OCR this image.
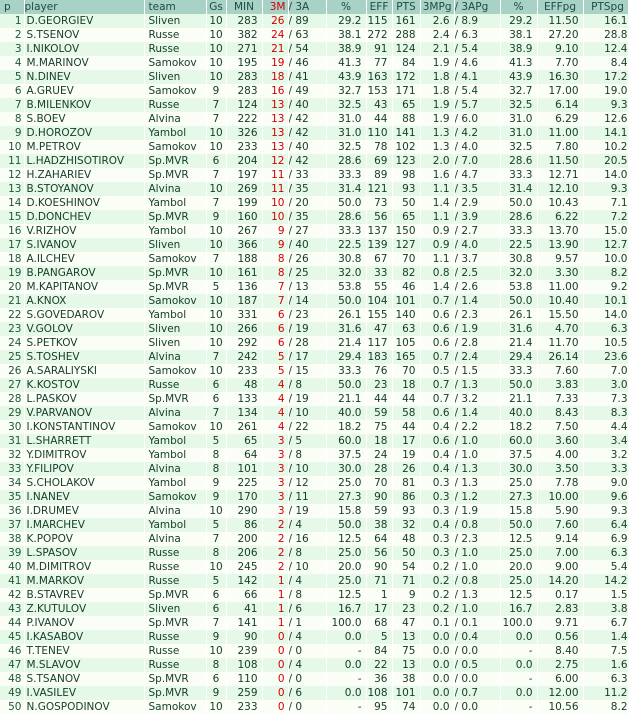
p	player	team	Gs	MIN	3M	/ 3A	%	EFF	PTS	3MPg	/ 3APg	%	EFFpg	PTSpg
1	D.GEORGIEV	Sliven	10	283	26	/ 89	29.2	115	161	2.6	/ 8.9	29.2	11.50	16.1
2	S.TSENOV	Russe	10	382	24	/ 63	38.1	272	288	2.4	/ 6.3	38.1	27.20	28.8
3	I.NIKOLOV	Russe	10	271	21	/ 54	38.9	91	124	2.1	/ 5.4	38.9	9.10	12.4
4	M.MARINOV	Samokov	10	195	19	/ 46	41.3	77	84	1.9	/ 4.6	41.3	7.70	8.4
5	N.DINEV	Sliven	10	283	18	/ 41	43.9	163	172	1.8	/ 4.1	43.9	16.30	17.2
6	A.GRUEV	Samokov	9	283	16	/ 49	32.7	153	171	1.8	/ 5.4	32.7	17.00	19.0
7	B.MILENKOV	Russe	7	124	13	/ 40	32.5	43	65	1.9	/ 5.7	32.5	6.14	9.3
8	S.BOEV	Alvina	7	222	13	/ 42	31.0	44	88	1.9	/ 6.0	31.0	6.29	12.6
9	D.HOROZOV	Yambol	10	326	13	/ 42	31.0	110	141	1.3	/ 4.2	31.0	11.00	14.1
10	M.PETROV	Samokov	10	233	13	/ 40	32.5	78	102	1.3	/ 4.0	32.5	7.80	10.2
11	L.HADZHISOTIROV	Sp.MVR	6	204	12	/ 42	28.6	69	123	2.0	/ 7.0	28.6	11.50	20.5
12	H.ZAHARIEV	Sp.MVR	7	197	11	/ 33	33.3	89	98	1.6	/ 4.7	33.3	12.71	14.0
13	B.STOYANOV	Alvina	10	269	11	/ 35	31.4	121	93	1.1	/ 3.5	31.4	12.10	9.3
14	D.KOESHINOV	Yambol	7	199	10	/ 20	50.0	73	50	1.4	/ 2.9	50.0	10.43	7.1
15	D.DONCHEV	Sp.MVR	9	160	10	/ 35	28.6	56	65	1.1	/ 3.9	28.6	6.22	7.2
16	V.RIZHOV	Yambol	10	267	9	/ 27	33.3	137	150	0.9	/ 2.7	33.3	13.70	15.0
17	S.IVANOV	Sliven	10	366	9	/ 40	22.5	139	127	0.9	/ 4.0	22.5	13.90	12.7
18	A.ILCHEV	Samokov	7	188	8	/ 26	30.8	67	70	1.1	/ 3.7	30.8	9.57	10.0
19	B.PANGAROV	Sp.MVR	10	161	8	/ 25	32.0	33	82	0.8	/ 2.5	32.0	3.30	8.2
20	M.KAPITANOV	Sp.MVR	5	136	7	/ 13	53.8	55	46	1.4	/ 2.6	53.8	11.00	9.2
21	A.KNOX	Samokov	10	187	7	/ 14	50.0	104	101	0.7	/ 1.4	50.0	10.40	10.1
22	S.GOVEDAROV	Yambol	10	331	6	/ 23	26.1	155	140	0.6	/ 2.3	26.1	15.50	14.0
23	V.GOLOV	Sliven	10	266	6	/ 19	31.6	47	63	0.6	/ 1.9	31.6	4.70	6.3
24	S.PETKOV	Sliven	10	292	6	/ 28	21.4	117	105	0.6	/ 2.8	21.4	11.70	10.5
25	S.TOSHEV	Alvina	7	242	5	/ 17	29.4	183	165	0.7	/ 2.4	29.4	26.14	23.6
26	A.SARALIYSKI	Samokov	10	233	5	/ 15	33.3	76	70	0.5	/ 1.5	33.3	7.60	7.0
27	K.KOSTOV	Russe	6	48	4	/ 8	50.0	23	18	0.7	/ 1.3	50.0	3.83	3.0
28	L.PASKOV	Sp.MVR	6	133	4	/ 19	21.1	44	44	0.7	/ 3.2	21.1	7.33	7.3
29	V.PARVANOV	Alvina	7	134	4	/ 10	40.0	59	58	0.6	/ 1.4	40.0	8.43	8.3
30	I.KONSTANTINOV	Samokov	10	261	4	/ 22	18.2	75	44	0.4	/ 2.2	18.2	7.50	4.4
31	L.SHARRETT	Yambol	5	65	3	/ 5	60.0	18	17	0.6	/ 1.0	60.0	3.60	3.4
32	Y.DIMITROV	Yambol	8	64	3	/ 8	37.5	24	19	0.4	/ 1.0	37.5	4.00	3.2
33	Y.FILIPOV	Alvina	8	101	3	/ 10	30.0	28	26	0.4	/ 1.3	30.0	3.50	3.3
34	S.CHOLAKOV	Yambol	9	225	3	/ 12	25.0	70	81	0.3	/ 1.3	25.0	7.78	9.0
35	I.NANEV	Samokov	9	170	3	/ 11	27.3	90	86	0.3	/ 1.2	27.3	10.00	9.6
36	I.DRUMEV	Alvina	10	290	3	/ 19	15.8	59	93	0.3	/ 1.9	15.8	5.90	9.3
37	I.MARCHEV	Yambol	5	86	2	/ 4	50.0	38	32	0.4	/ 0.8	50.0	7.60	6.4
38	K.POPOV	Alvina	7	200	2	/ 16	12.5	64	48	0.3	/ 2.3	12.5	9.14	6.9
39	L.SPASOV	Russe	8	206	2	/ 8	25.0	56	50	0.3	/ 1.0	25.0	7.00	6.3
40	M.DIMITROV	Russe	10	245	2	/ 10	20.0	90	54	0.2	/ 1.0	20.0	9.00	5.4
41	M.MARKOV	Russe	5	142	1	/ 4	25.0	71	71	0.2	/ 0.8	25.0	14.20	14.2
42	B.STAVREV	Sp.MVR	6	66	1	/ 8	12.5	1	9	0.2	/ 1.3	12.5	0.17	1.5
43	Z.KUTULOV	Sliven	6	41	1	/ 6	16.7	17	23	0.2	/ 1.0	16.7	2.83	3.8
44	P.IVANOV	Sp.MVR	7	141	1	/ 1	100.0	68	47	0.1	/ 0.1	100.0	9.71	6.7
45	I.KASABOV	Russe	9	90	0	/ 4	0.0	5	13	0.0	/ 0.4	0.0	0.56	1.4
46	T.TENEV	Russe	10	239	0	/ 0	-	84	75	0.0	/ 0.0	-	8.40	7.5
47	M.SLAVOV	Russe	8	108	0	/ 4	0.0	22	13	0.0	/ 0.5	0.0	2.75	1.6
48	S.TSANOV	Sp.MVR	6	110	0	/ 0	-	36	38	0.0	/ 0.0	-	6.00	6.3
49	I.VASILEV	Sp.MVR	9	259	0	/ 6	0.0	108	101	0.0	/ 0.7	0.0	12.00	11.2
50	N.GOSPODINOV	Samokov	10	233	0	/ 0	-	95	74	0.0	/ 0.0	-	10.56	8.2
